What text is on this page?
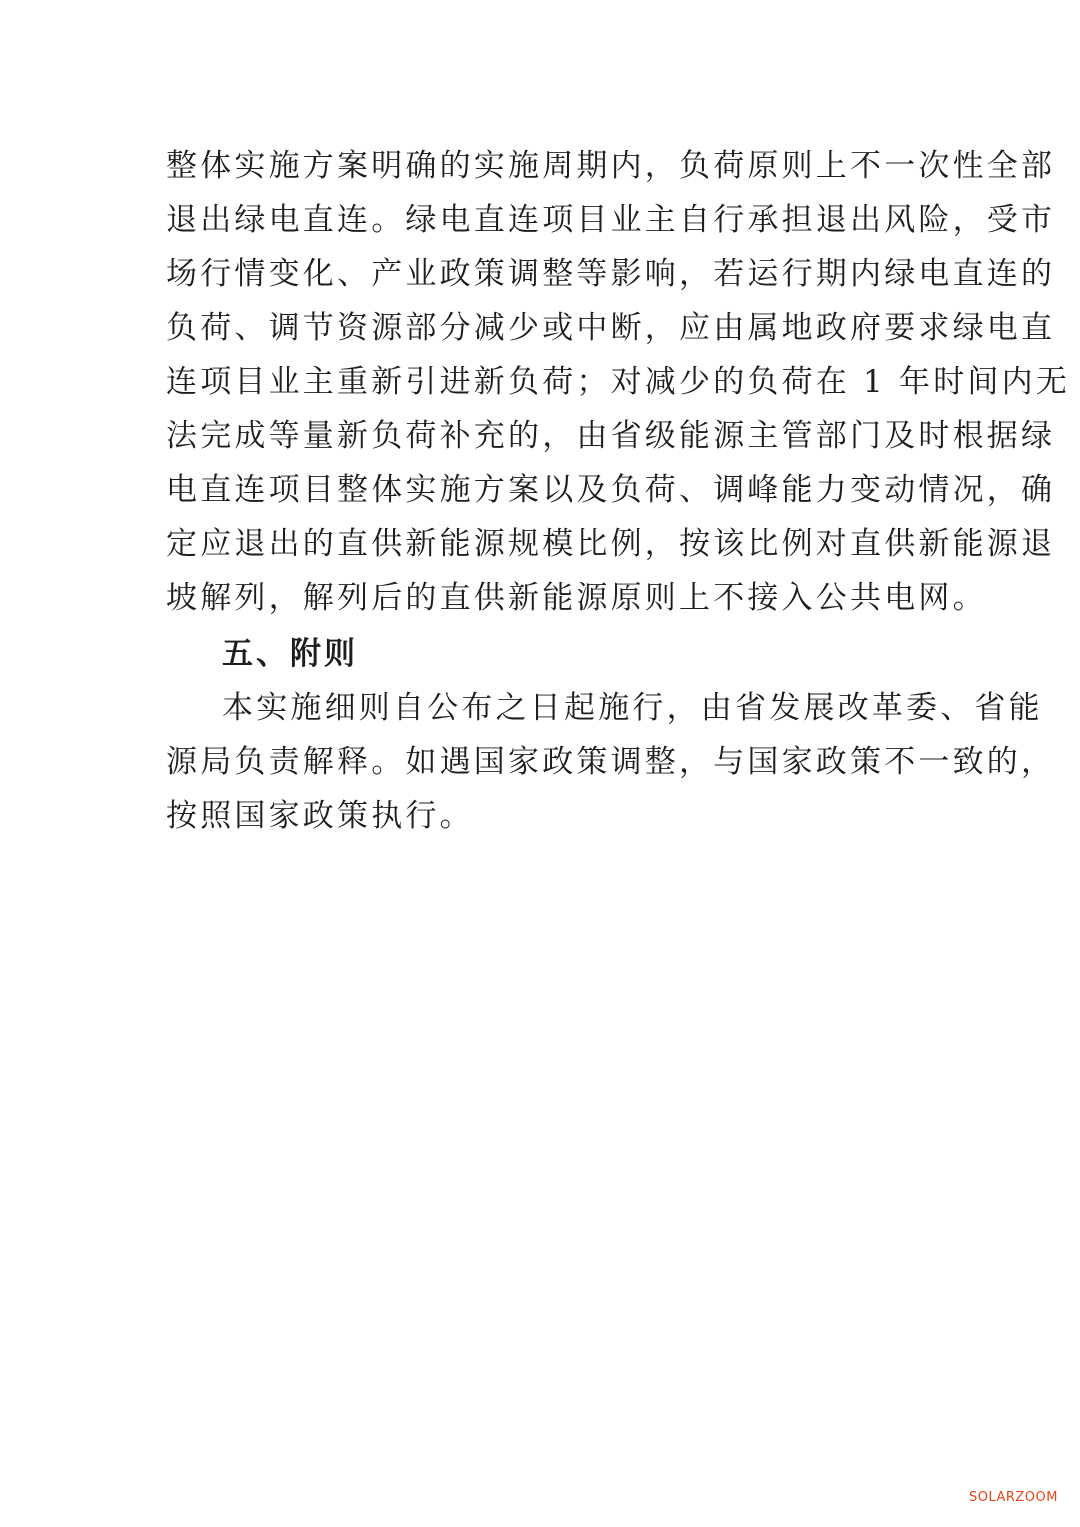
整体实施方案明确的实施周期内，负荷原则上不一次性全部
退出绿电直连。绿电直连项目业主自行承担退出风险，受市
场行情变化、产业政策调整等影响，若运行期内绿电直连的
负荷、调节资源部分减少或中断，应由属地政府要求绿电直
连项目业主重新引进新负荷；对减少的负荷在 1 年时间内无
法完成等量新负荷补充的，由省级能源主管部门及时根据绿
电直连项目整体实施方案以及负荷、调峰能力变动情况，确
定应退出的直供新能源规模比例，按该比例对直供新能源退
坡解列，解列后的直供新能源原则上不接入公共电网。
五、附则
本实施细则自公布之日起施行，由省发展改革委、省能
源局负责解释。如遇国家政策调整，与国家政策不一致的，
按照国家政策执行。
SOLARZOOM
